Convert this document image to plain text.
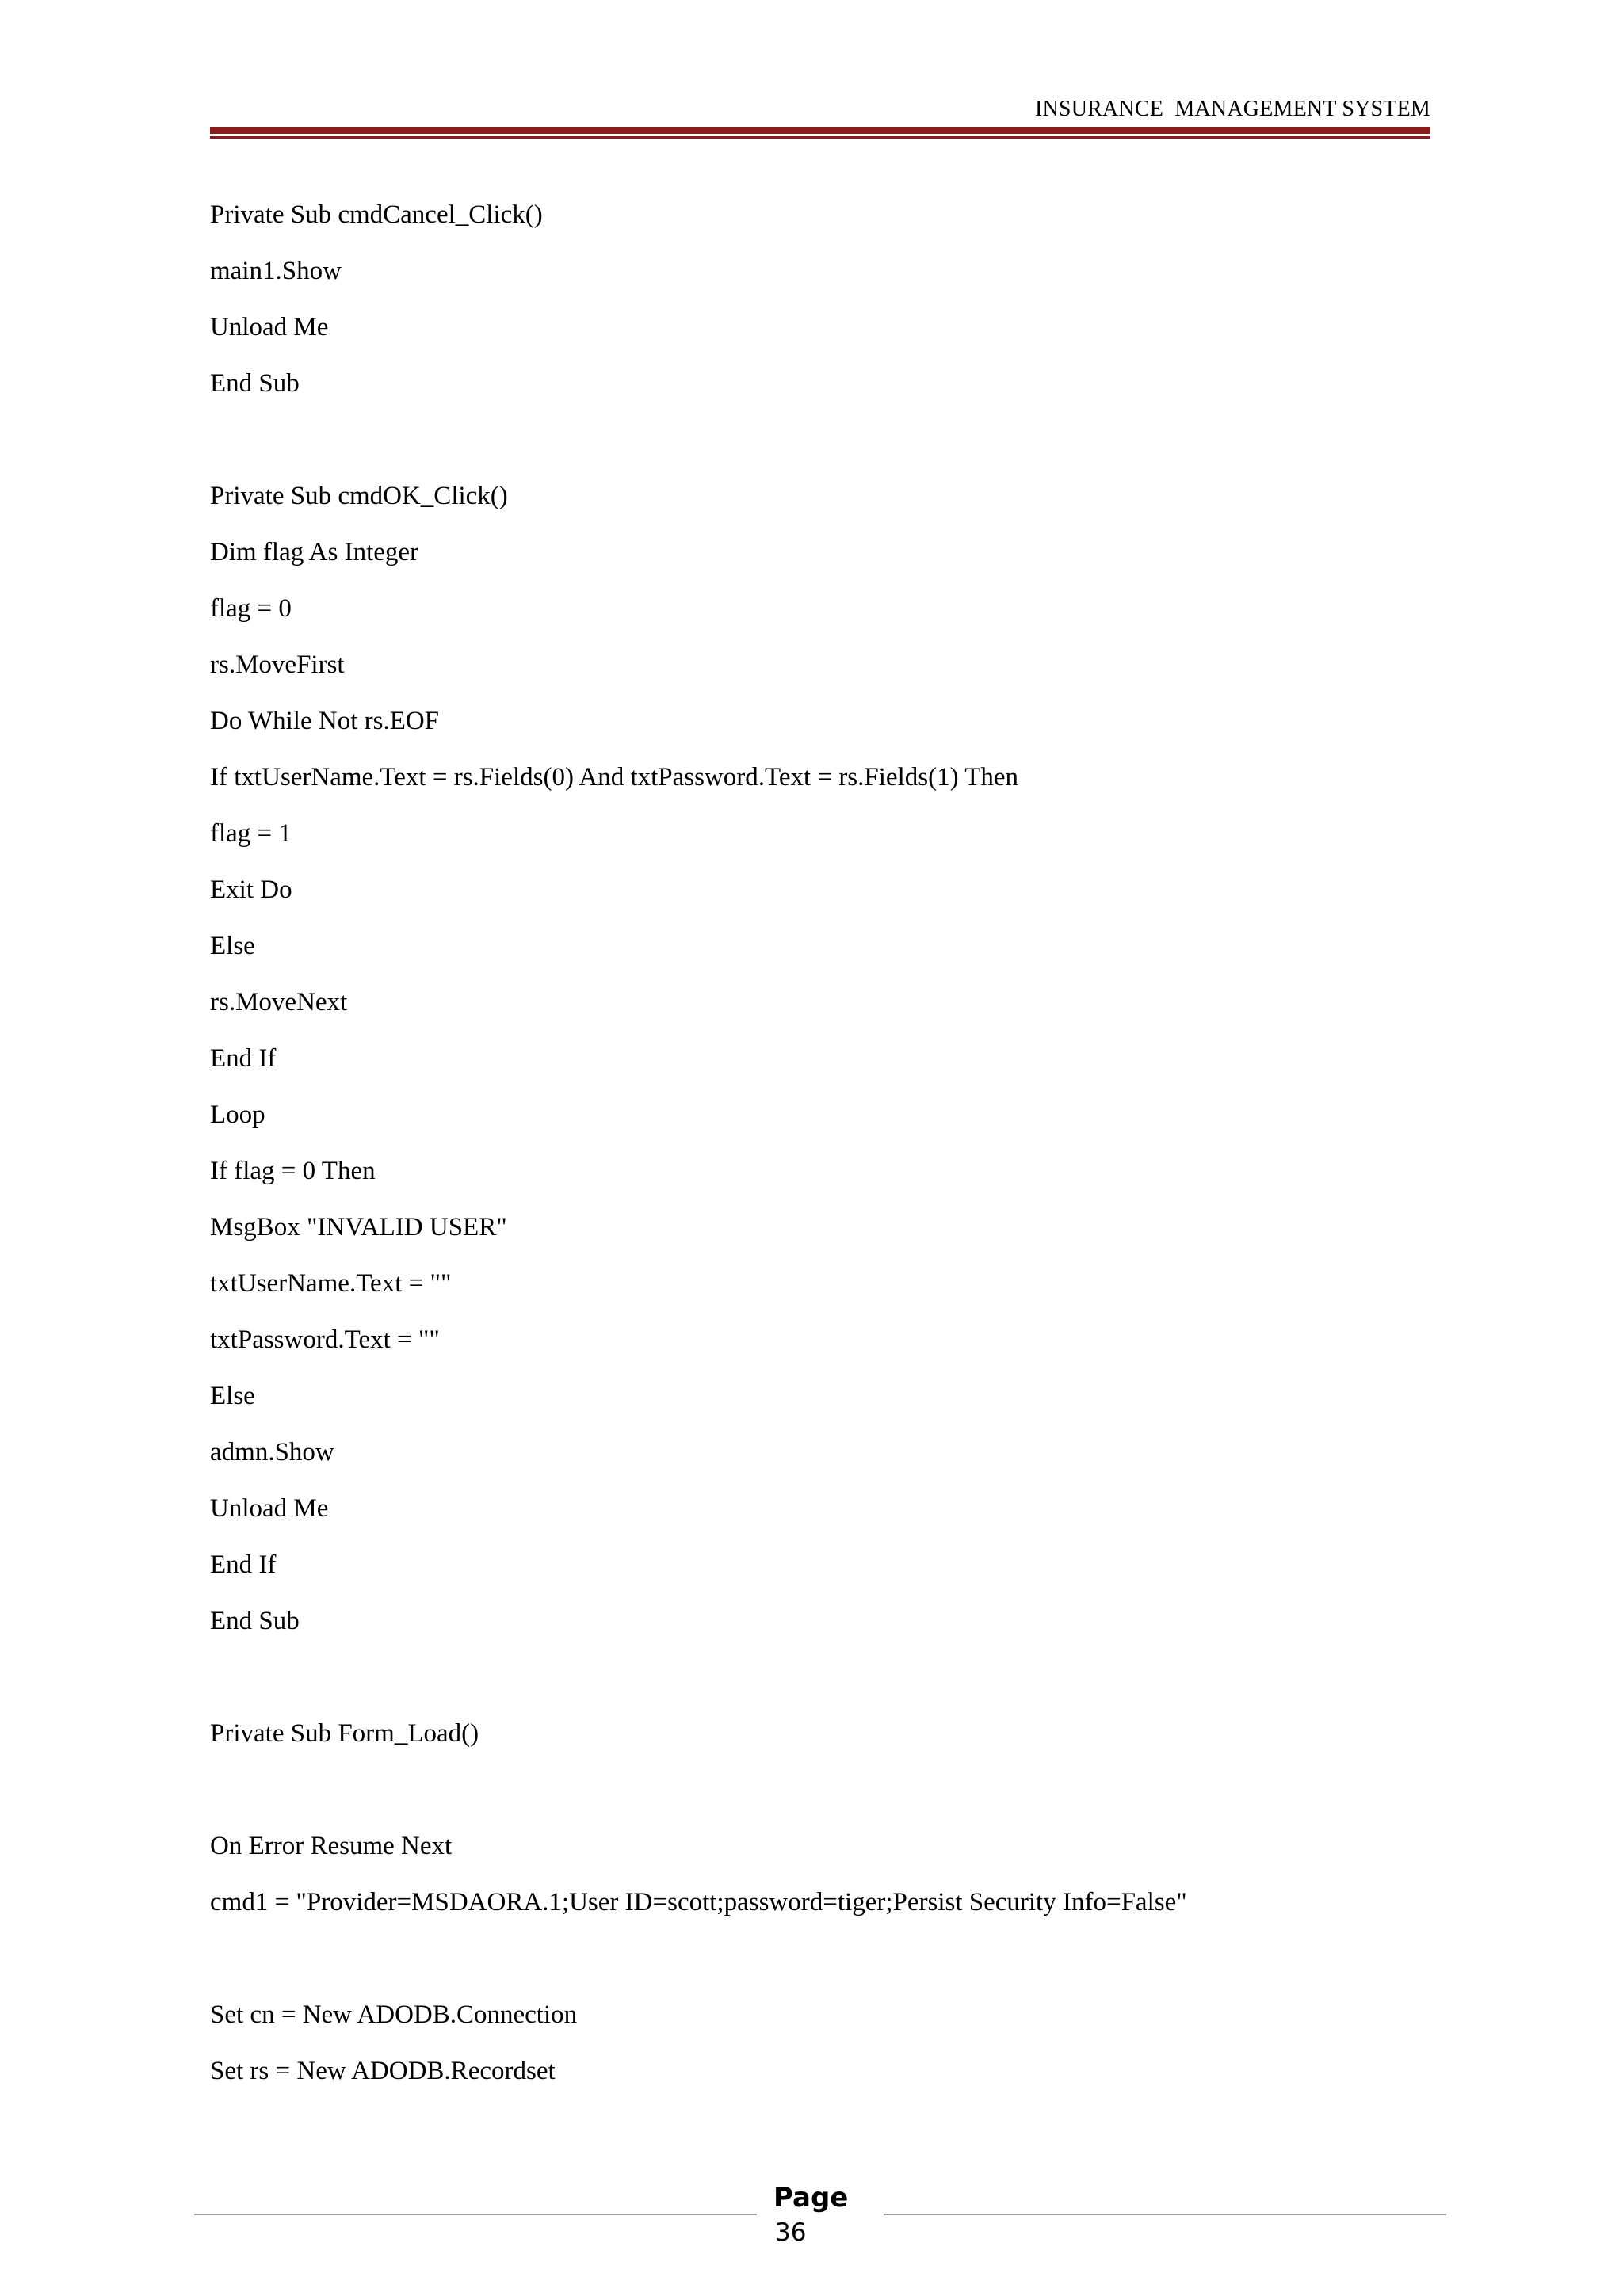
INSURANCE  MANAGEMENT SYSTEM
Private Sub cmdCancel_Click()
main1.Show
Unload Me
End Sub
Private Sub cmdOK_Click()
Dim flag As Integer
flag = 0
rs.MoveFirst
Do While Not rs.EOF
If txtUserName.Text = rs.Fields(0) And txtPassword.Text = rs.Fields(1) Then
flag = 1
Exit Do
Else
rs.MoveNext
End If
Loop
If flag = 0 Then
MsgBox "INVALID USER"
txtUserName.Text = ""
txtPassword.Text = ""
Else
admn.Show
Unload Me
End If
End Sub
Private Sub Form_Load()
On Error Resume Next
cmd1 = "Provider=MSDAORA.1;User ID=scott;password=tiger;Persist Security Info=False"
Set cn = New ADODB.Connection
Set rs = New ADODB.Recordset
Page
36
